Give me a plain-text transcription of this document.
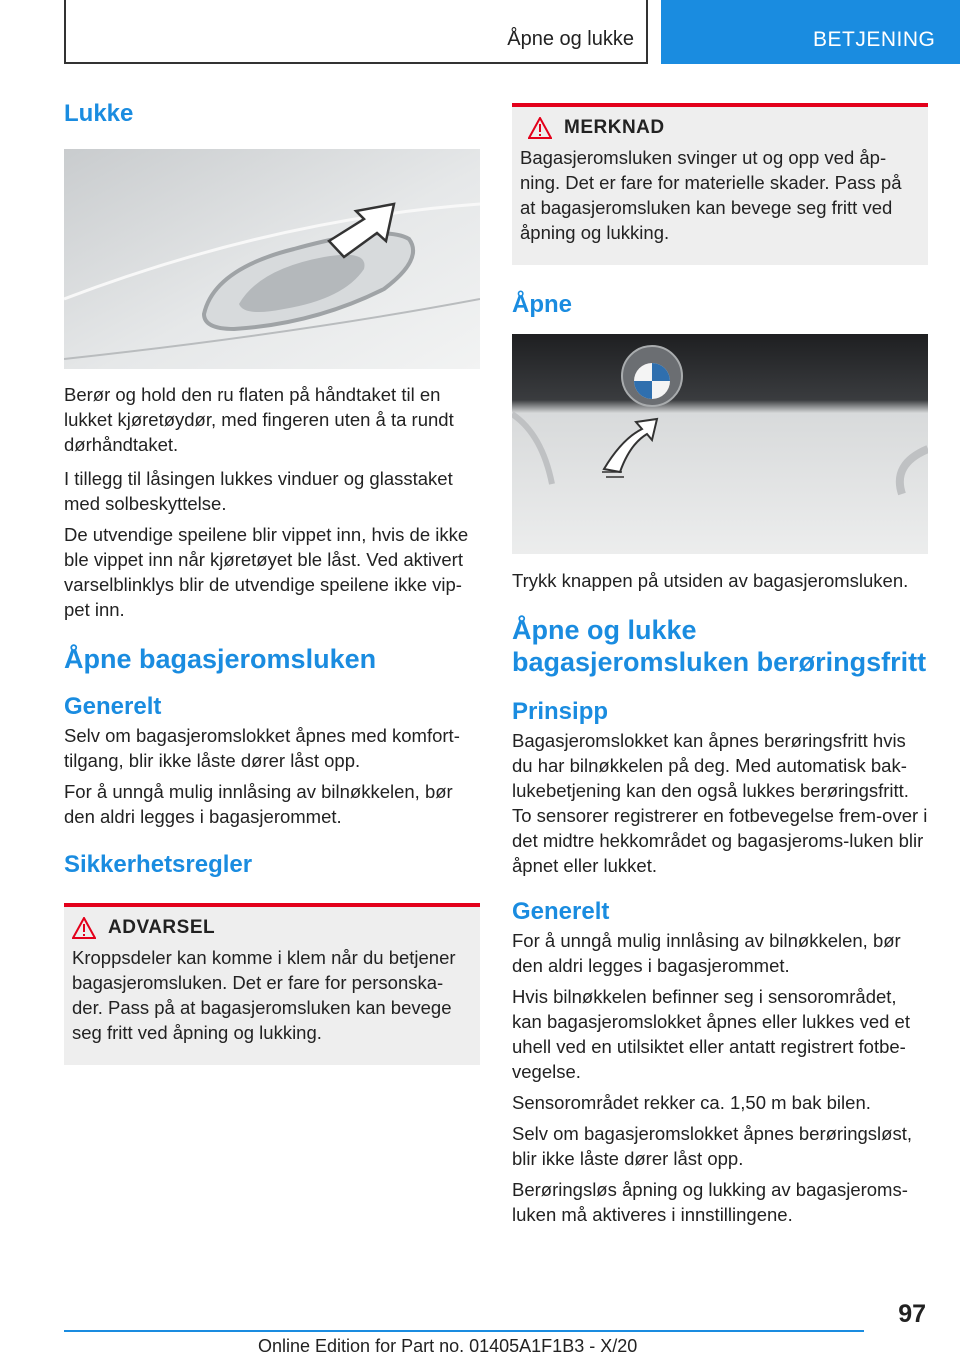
Åpne og lukke	BETJENING
Lukke

Berør og hold den ru flaten på håndtaket til en lukket kjøretøydør, med fingeren uten å ta rundt dørhåndtaket.

I tillegg til låsingen lukkes vinduer og glasstaket med solbeskyttelse.

De utvendige speilene blir vippet inn, hvis de ikke ble vippet inn når kjøretøyet ble låst. Ved aktivert varselblinklys blir de utvendige speilene ikke vip-pet inn.

Åpne bagasjeromsluken
Generelt

Selv om bagasjeromslokket åpnes med komfort-tilgang, blir ikke låste dører låst opp.

For å unngå mulig innlåsing av bilnøkkelen, bør den aldri legges i bagasjerommet.

Sikkerhetsregler
ADVARSEL

Kroppsdeler kan komme i klem når du betjener bagasjeromsluken. Det er fare for personska-der. Pass på at bagasjeromsluken kan bevege seg fritt ved åpning og lukking.

MERKNAD

Bagasjeromsluken svinger ut og opp ved åp-ning. Det er fare for materielle skader. Pass på at bagasjeromsluken kan bevege seg fritt ved åpning og lukking.

Åpne

Trykk knappen på utsiden av bagasjeromsluken.

Åpne og lukke bagasjeromsluken berøringsfritt
Prinsipp

Bagasjeromslokket kan åpnes berøringsfritt hvis du har bilnøkkelen på deg. Med automatisk bak-lukebetjening kan den også lukkes berøringsfritt. To sensorer registrerer en fotbevegelse frem-over i det midtre hekkområdet og bagasjeroms-luken blir åpnet eller lukket.

Generelt

For å unngå mulig innlåsing av bilnøkkelen, bør den aldri legges i bagasjerommet.

Hvis bilnøkkelen befinner seg i sensorområdet, kan bagasjeromslokket åpnes eller lukkes ved et uhell ved en utilsiktet eller antatt registrert fotbe-vegelse.

Sensorområdet rekker ca. 1,50 m bak bilen.

Selv om bagasjeromslokket åpnes berøringsløst, blir ikke låste dører låst opp.

Berøringsløs åpning og lukking av bagasjeroms-luken må aktiveres i innstillingene.

97
Online Edition for Part no. 01405A1F1B3 - X/20
